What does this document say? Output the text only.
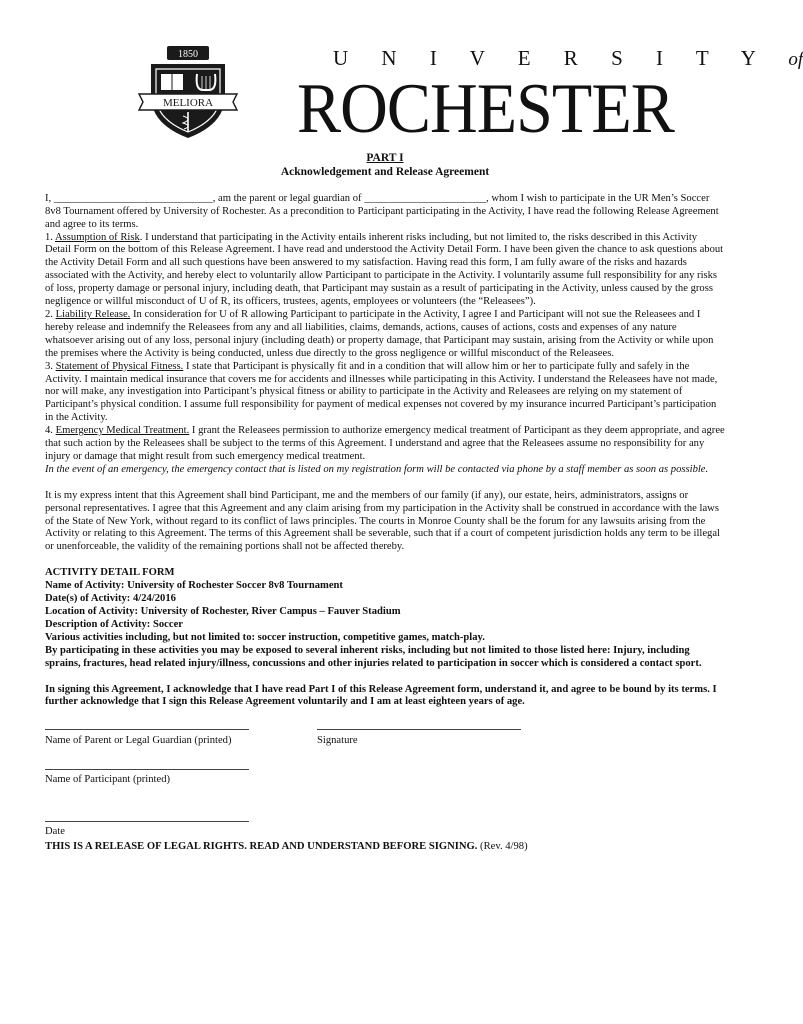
1850
MELIORA
U N I V E R S I T Y of
ROCHESTER
PART I
Acknowledgement and Release Agreement

I, ______________________________, am the parent or legal guardian of _______________________, whom I wish to participate in the UR Men’s Soccer 8v8 Tournament offered by University of Rochester. As a precondition to Participant participating in the Activity, I have read the following Release Agreement and agree to its terms.

1. Assumption of Risk. I understand that participating in the Activity entails inherent risks including, but not limited to, the risks described in this Activity Detail Form on the bottom of this Release Agreement. I have read and understood the Activity Detail Form. I have been given the chance to ask questions about the Activity Detail Form and all such questions have been answered to my satisfaction. Having read this form, I am fully aware of the risks and hazards associated with the Activity, and hereby elect to voluntarily allow Participant to participate in the Activity. I voluntarily assume full responsibility for any risks of loss, property damage or personal injury, including death, that Participant may sustain as a result of participating in the Activity, unless caused by the gross negligence or willful misconduct of U of R, its officers, trustees, agents, employees or volunteers (the “Releasees”).

2. Liability Release. In consideration for U of R allowing Participant to participate in the Activity, I agree I and Participant will not sue the Releasees and I hereby release and indemnify the Releasees from any and all liabilities, claims, demands, actions, causes of actions, costs and expenses of any nature whatsoever arising out of any loss, personal injury (including death) or property damage, that Participant may sustain, arising from the Activity or while upon the premises where the Activity is being conducted, unless due directly to the gross negligence or willful misconduct of the Releasees.

3. Statement of Physical Fitness. I state that Participant is physically fit and in a condition that will allow him or her to participate fully and safely in the Activity. I maintain medical insurance that covers me for accidents and illnesses while participating in this Activity. I understand the Releasees have not made, nor will make, any investigation into Participant’s physical fitness or ability to participate in the Activity and Releasees are relying on my statement of Participant’s physical condition. I assume full responsibility for payment of medical expenses not covered by my insurance incurred Participant’s participation in the Activity.

4. Emergency Medical Treatment. I grant the Releasees permission to authorize emergency medical treatment of Participant as they deem appropriate, and agree that such action by the Releasees shall be subject to the terms of this Agreement. I understand and agree that the Releasees assume no responsibility for any injury or damage that might result from such emergency medical treatment.

In the event of an emergency, the emergency contact that is listed on my registration form will be contacted via phone by a staff member as soon as possible.

It is my express intent that this Agreement shall bind Participant, me and the members of our family (if any), our estate, heirs, administrators, assigns or personal representatives. I agree that this Agreement and any claim arising from my participation in the Activity shall be construed in accordance with the laws of the State of New York, without regard to its conflict of laws principles. The courts in Monroe County shall be the forum for any lawsuits arising from the Activity or relating to this Agreement. The terms of this Agreement shall be severable, such that if a court of competent jurisdiction holds any term to be illegal or unenforceable, the validity of the remaining portions shall not be affected thereby.

ACTIVITY DETAIL FORM

Name of Activity: University of Rochester Soccer 8v8 Tournament

Date(s) of Activity: 4/24/2016

Location of Activity: University of Rochester, River Campus – Fauver Stadium

Description of Activity: Soccer

Various activities including, but not limited to: soccer instruction, competitive games, match-play.

By participating in these activities you may be exposed to several inherent risks, including but not limited to those listed here: Injury, including sprains, fractures, head related injury/illness, concussions and other injuries related to participation in soccer which is considered a contact sport.

In signing this Agreement, I acknowledge that I have read Part I of this Release Agreement form, understand it, and agree to be bound by its terms. I further acknowledge that I sign this Release Agreement voluntarily and I am at least eighteen years of age.

Name of Parent or Legal Guardian (printed)	Signature
Name of Participant (printed)
Date

THIS IS A RELEASE OF LEGAL RIGHTS. READ AND UNDERSTAND BEFORE SIGNING. (Rev. 4/98)
